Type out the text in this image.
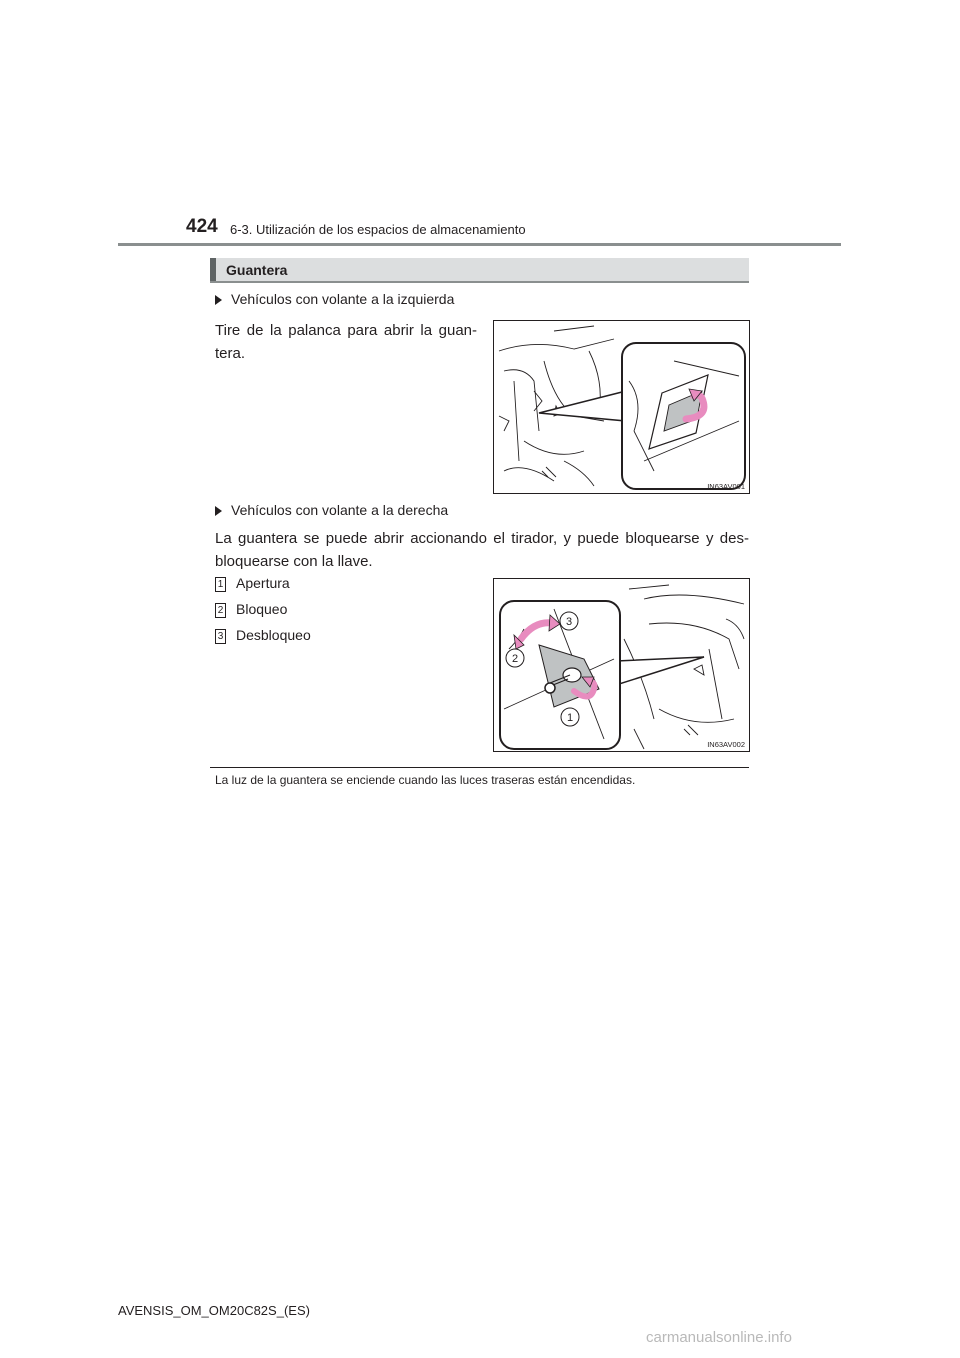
424 6-3. Utilización de los espacios de almacenamiento
Guantera
Vehículos con volante a la izquierda
Tire de la palanca para abrir la guan-tera.
IN63AV001
Vehículos con volante a la derecha
La guantera se puede abrir accionando el tirador, y puede bloquearse y des-bloquearse con la llave.
1 Apertura
2 Bloqueo
3 Desbloqueo
3
2
1
IN63AV002
La luz de la guantera se enciende cuando las luces traseras están encendidas.
AVENSIS_OM_OM20C82S_(ES)
carmanualsonline.info
